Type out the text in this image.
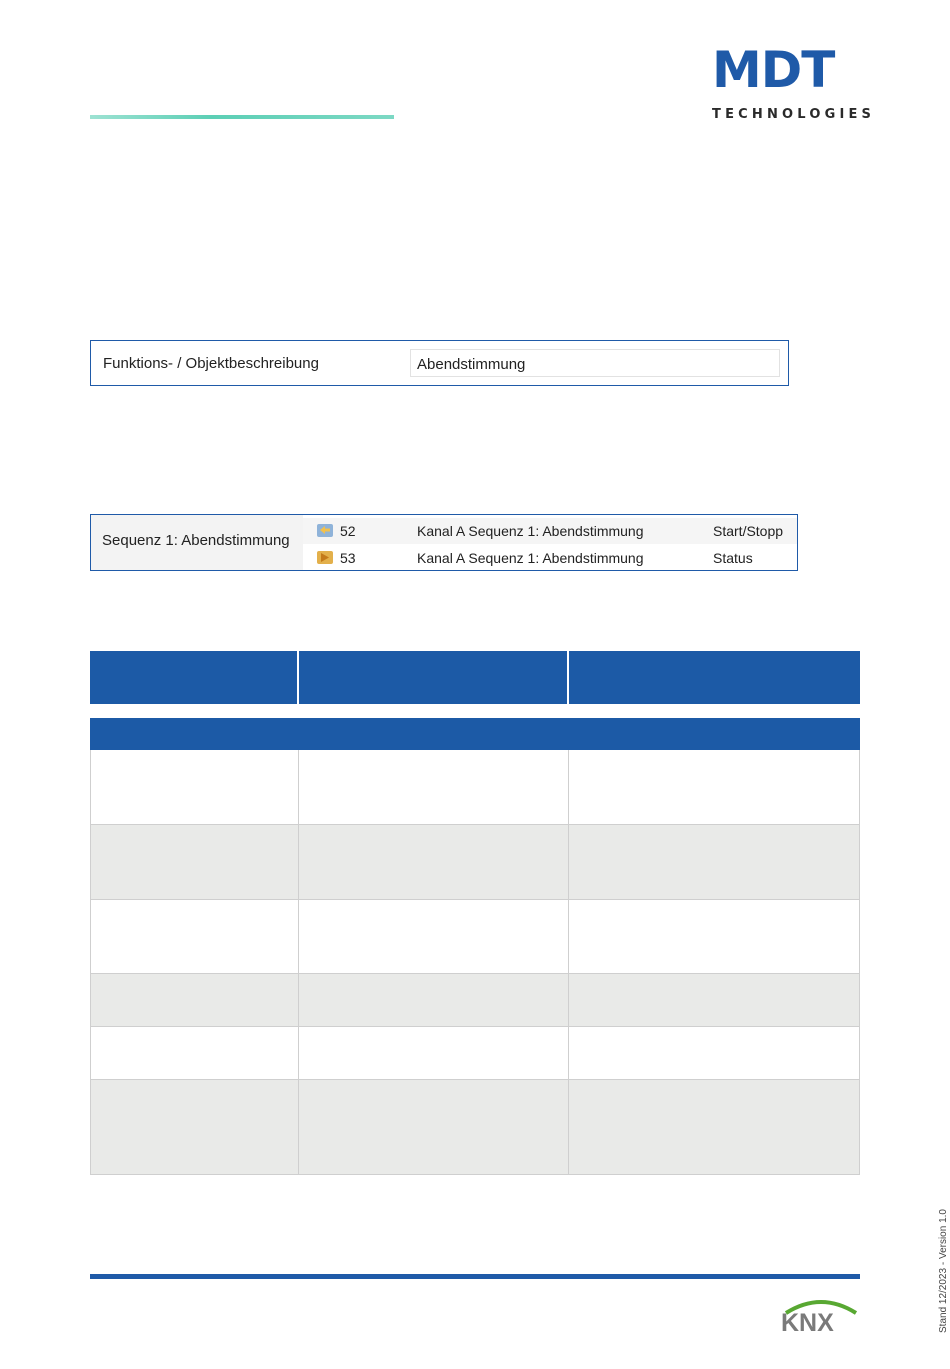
MDT
TECHNOLOGIES
Funktions- / Objektbeschreibung	Abendstimmung
Sequenz 1: Abendstimmung
52	Kanal A Sequenz 1: Abendstimmung	Start/Stopp
53	Kanal A Sequenz 1: Abendstimmung	Status
Stand 12/2023 - Version 1.0
KNX
